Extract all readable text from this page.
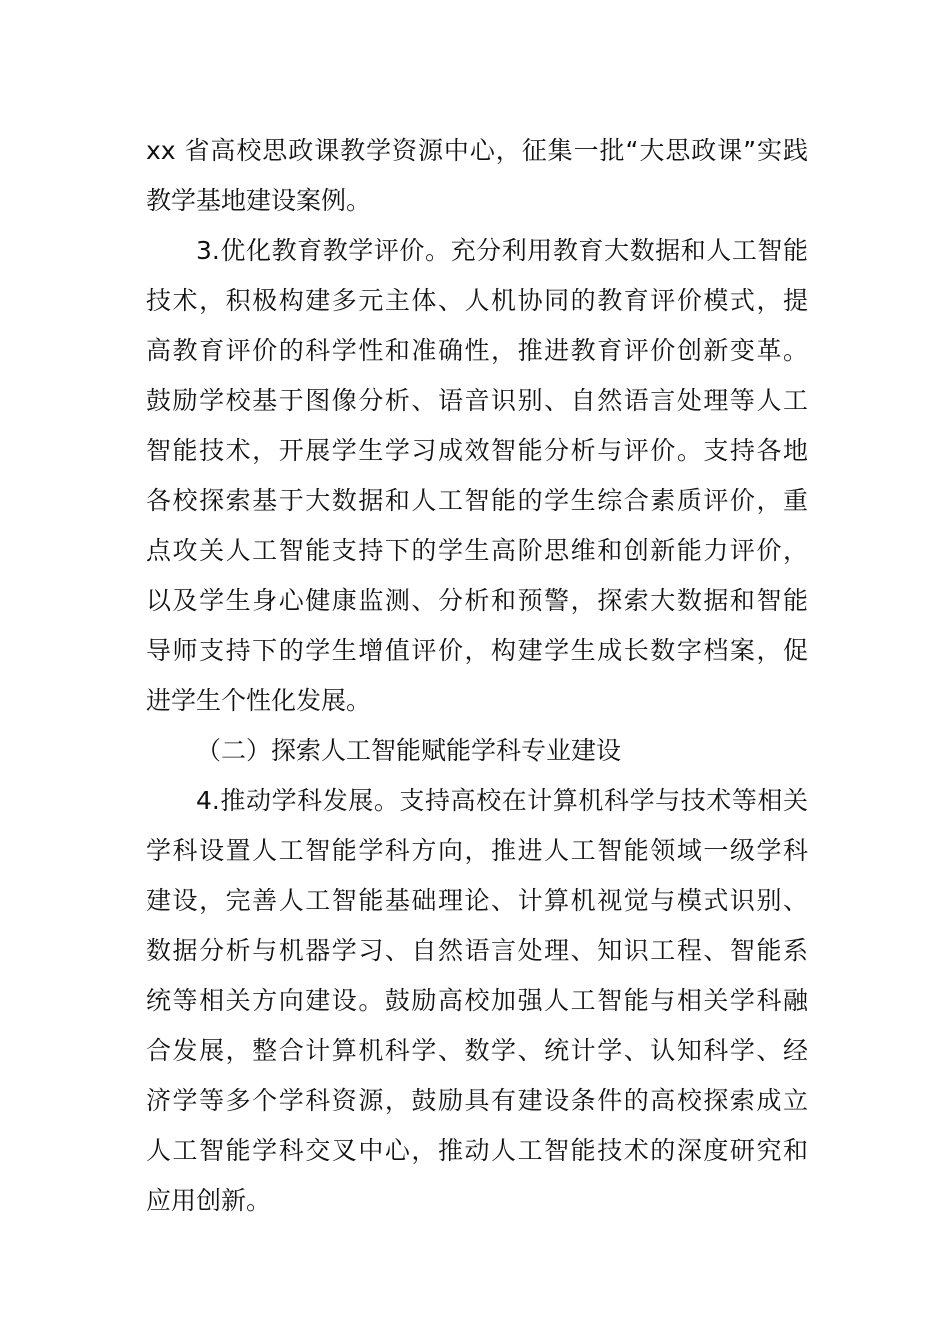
xx 省高校思政课教学资源中心，征集一批“大思政课”实践
教学基地建设案例。
3.优化教育教学评价。充分利用教育大数据和人工智能
技术，积极构建多元主体、人机协同的教育评价模式，提
高教育评价的科学性和准确性，推进教育评价创新变革。
鼓励学校基于图像分析、语音识别、自然语言处理等人工
智能技术，开展学生学习成效智能分析与评价。支持各地
各校探索基于大数据和人工智能的学生综合素质评价，重
点攻关人工智能支持下的学生高阶思维和创新能力评价，
以及学生身心健康监测、分析和预警，探索大数据和智能
导师支持下的学生增值评价，构建学生成长数字档案，促
进学生个性化发展。
（二）探索人工智能赋能学科专业建设
4.推动学科发展。支持高校在计算机科学与技术等相关
学科设置人工智能学科方向，推进人工智能领域一级学科
建设，完善人工智能基础理论、计算机视觉与模式识别、
数据分析与机器学习、自然语言处理、知识工程、智能系
统等相关方向建设。鼓励高校加强人工智能与相关学科融
合发展，整合计算机科学、数学、统计学、认知科学、经
济学等多个学科资源，鼓励具有建设条件的高校探索成立
人工智能学科交叉中心，推动人工智能技术的深度研究和
应用创新。
